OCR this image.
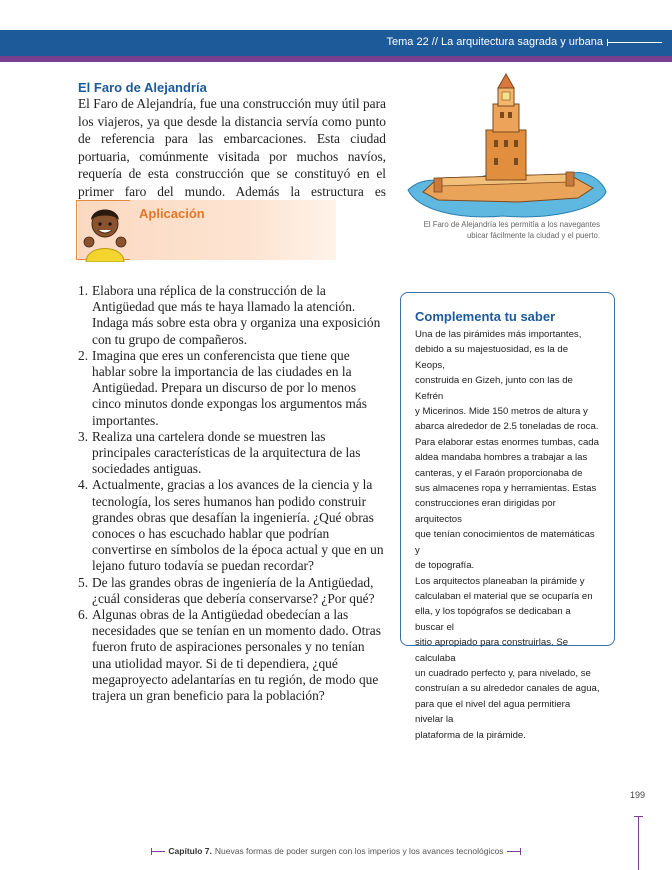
Tema 22 // La arquitectura sagrada y urbana
El Faro de Alejandría
El Faro de Alejandría, fue una construcción muy útil para los viajeros, ya que desde la distancia servía como punto de referencia para las embarcaciones. Esta ciudad portuaria, comúnmente visitada por muchos navíos, requería de esta construcción que se constituyó en el primer faro del mundo. Además la estructura es
El Faro de Alejandría les permitía a los navegantes ubicar fácilmente la ciudad y el puerto.
Aplicación
1. Elabora una réplica de la construcción de la Antigüedad que más te haya llamado la atención. Indaga más sobre esta obra y organiza una exposición con tu grupo de compañeros.
2. Imagina que eres un conferencista que tiene que hablar sobre la importancia de las ciudades en la Antigüedad. Prepara un discurso de por lo menos cinco minutos donde expongas los argumentos más importantes.
3. Realiza una cartelera donde se muestren las principales características de la arquitectura de las sociedades antiguas.
4. Actualmente, gracias a los avances de la ciencia y la tecnología, los seres humanos han podido construir grandes obras que desafían la ingeniería. ¿Qué obras conoces o has escuchado hablar que podrían convertirse en símbolos de la época actual y que en un lejano futuro todavía se puedan recordar?
5. De las grandes obras de ingeniería de la Antigüedad, ¿cuál consideras que debería conservarse? ¿Por qué?
6. Algunas obras de la Antigüedad obedecían a las necesidades que se tenían en un momento dado. Otras fueron fruto de aspiraciones personales y no tenían una utiolidad mayor. Si de ti dependiera, ¿qué megaproyecto adelantarías en tu región, de modo que trajera un gran beneficio para la población?
Complementa tu saber

Una de las pirámides más importantes,
debido a su majestuosidad, es la de Keops,
construida en Gizeh, junto con las de Kefrén
y Micerinos. Mide 150 metros de altura y
abarca alrededor de 2.5 toneladas de roca.
Para elaborar estas enormes tumbas, cada
aldea mandaba hombres a trabajar a las
canteras, y el Faraón proporcionaba de
sus almacenes ropa y herramientas. Estas
construcciones eran dirigidas por arquitectos
que tenían conocimientos de matemáticas y
de topografía.
Los arquitectos planeaban la pirámide y
calculaban el material que se ocuparía en
ella, y los topógrafos se dedicaban a buscar el
sitio apropiado para construirlas. Se calculaba
un cuadrado perfecto y, para nivelado, se
construían a su alrededor canales de agua,
para que el nivel del agua permitiera nivelar la
plataforma de la pirámide.

199
Capítulo 7. Nuevas formas de poder surgen con los imperios y los avances tecnológicos
